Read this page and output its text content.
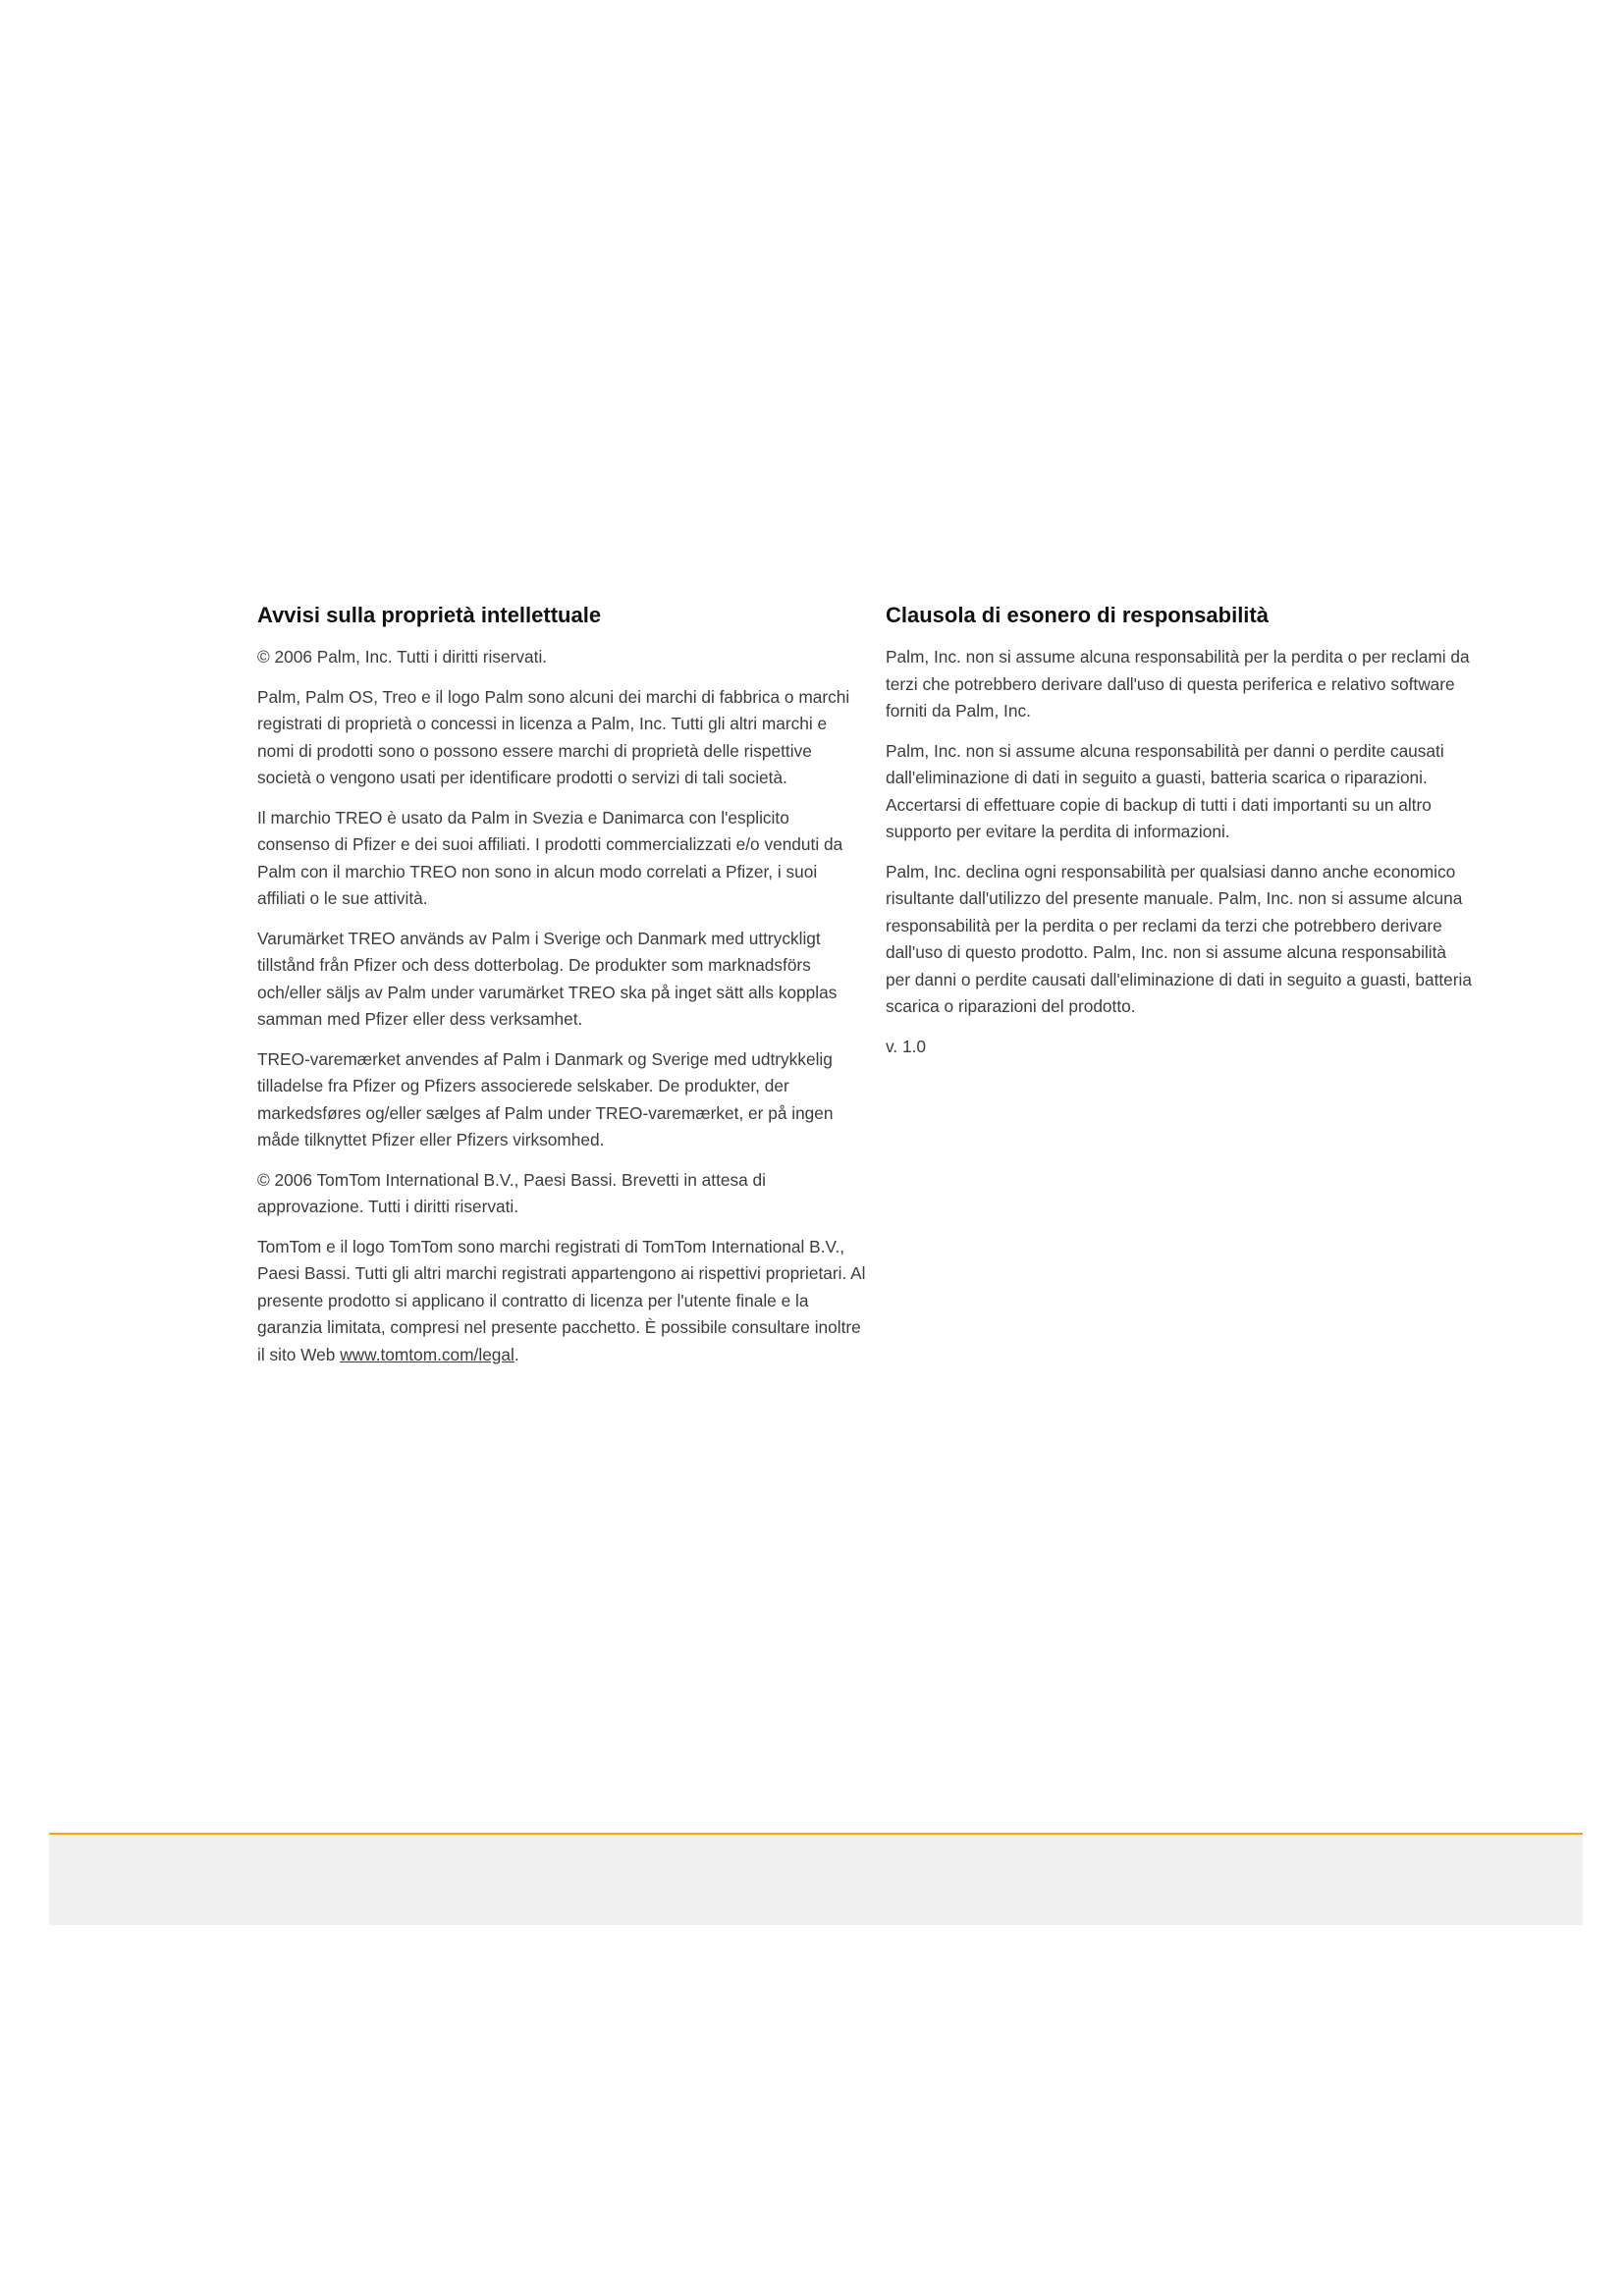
Avvisi sulla proprietà intellettuale

© 2006 Palm, Inc. Tutti i diritti riservati.

Palm, Palm OS, Treo e il logo Palm sono alcuni dei marchi di fabbrica o marchi registrati di proprietà o concessi in licenza a Palm, Inc. Tutti gli altri marchi e nomi di prodotti sono o possono essere marchi di proprietà delle rispettive società o vengono usati per identificare prodotti o servizi di tali società.

Il marchio TREO è usato da Palm in Svezia e Danimarca con l'esplicito consenso di Pfizer e dei suoi affiliati. I prodotti commercializzati e/o venduti da Palm con il marchio TREO non sono in alcun modo correlati a Pfizer, i suoi affiliati o le sue attività.

Varumärket TREO används av Palm i Sverige och Danmark med uttryckligt tillstånd från Pfizer och dess dotterbolag. De produkter som marknadsförs och/eller säljs av Palm under varumärket TREO ska på inget sätt alls kopplas samman med Pfizer eller dess verksamhet.

TREO-varemærket anvendes af Palm i Danmark og Sverige med udtrykkelig tilladelse fra Pfizer og Pfizers associerede selskaber. De produkter, der markedsføres og/eller sælges af Palm under TREO-varemærket, er på ingen måde tilknyttet Pfizer eller Pfizers virksomhed.

© 2006 TomTom International B.V., Paesi Bassi. Brevetti in attesa di approvazione. Tutti i diritti riservati.

TomTom e il logo TomTom sono marchi registrati di TomTom International B.V., Paesi Bassi. Tutti gli altri marchi registrati appartengono ai rispettivi proprietari. Al presente prodotto si applicano il contratto di licenza per l'utente finale e la garanzia limitata, compresi nel presente pacchetto. È possibile consultare inoltre il sito Web www.tomtom.com/legal.

Clausola di esonero di responsabilità

Palm, Inc. non si assume alcuna responsabilità per la perdita o per reclami da terzi che potrebbero derivare dall'uso di questa periferica e relativo software forniti da Palm, Inc.

Palm, Inc. non si assume alcuna responsabilità per danni o perdite causati dall'eliminazione di dati in seguito a guasti, batteria scarica o riparazioni. Accertarsi di effettuare copie di backup di tutti i dati importanti su un altro supporto per evitare la perdita di informazioni.

Palm, Inc. declina ogni responsabilità per qualsiasi danno anche economico risultante dall'utilizzo del presente manuale. Palm, Inc. non si assume alcuna responsabilità per la perdita o per reclami da terzi che potrebbero derivare dall'uso di questo prodotto. Palm, Inc. non si assume alcuna responsabilità per danni o perdite causati dall'eliminazione di dati in seguito a guasti, batteria scarica o riparazioni del prodotto.

v. 1.0
